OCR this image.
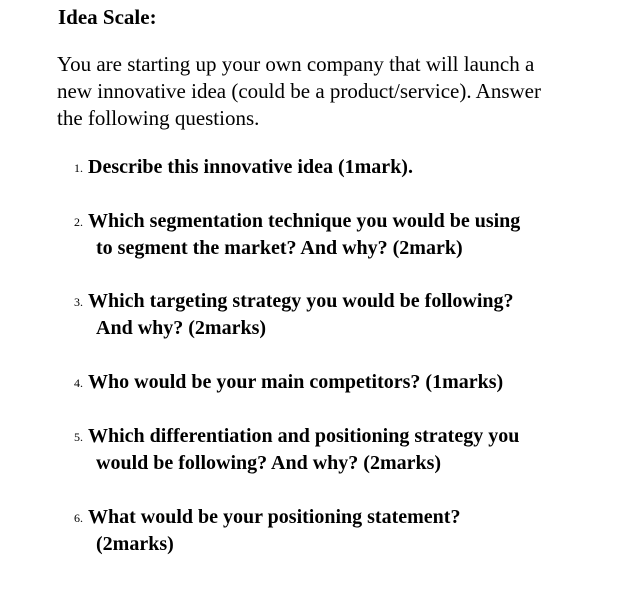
Idea Scale:

You are starting up your own company that will launch a
new innovative idea (could be a product/service). Answer
the following questions.

1. Describe this innovative idea (1mark).
2. Which segmentation technique you would be using
to segment the market? And why? (2mark)
3. Which targeting strategy you would be following?
And why? (2marks)
4. Who would be your main competitors? (1marks)
5. Which differentiation and positioning strategy you
would be following? And why? (2marks)
6. What would be your positioning statement?
(2marks)
